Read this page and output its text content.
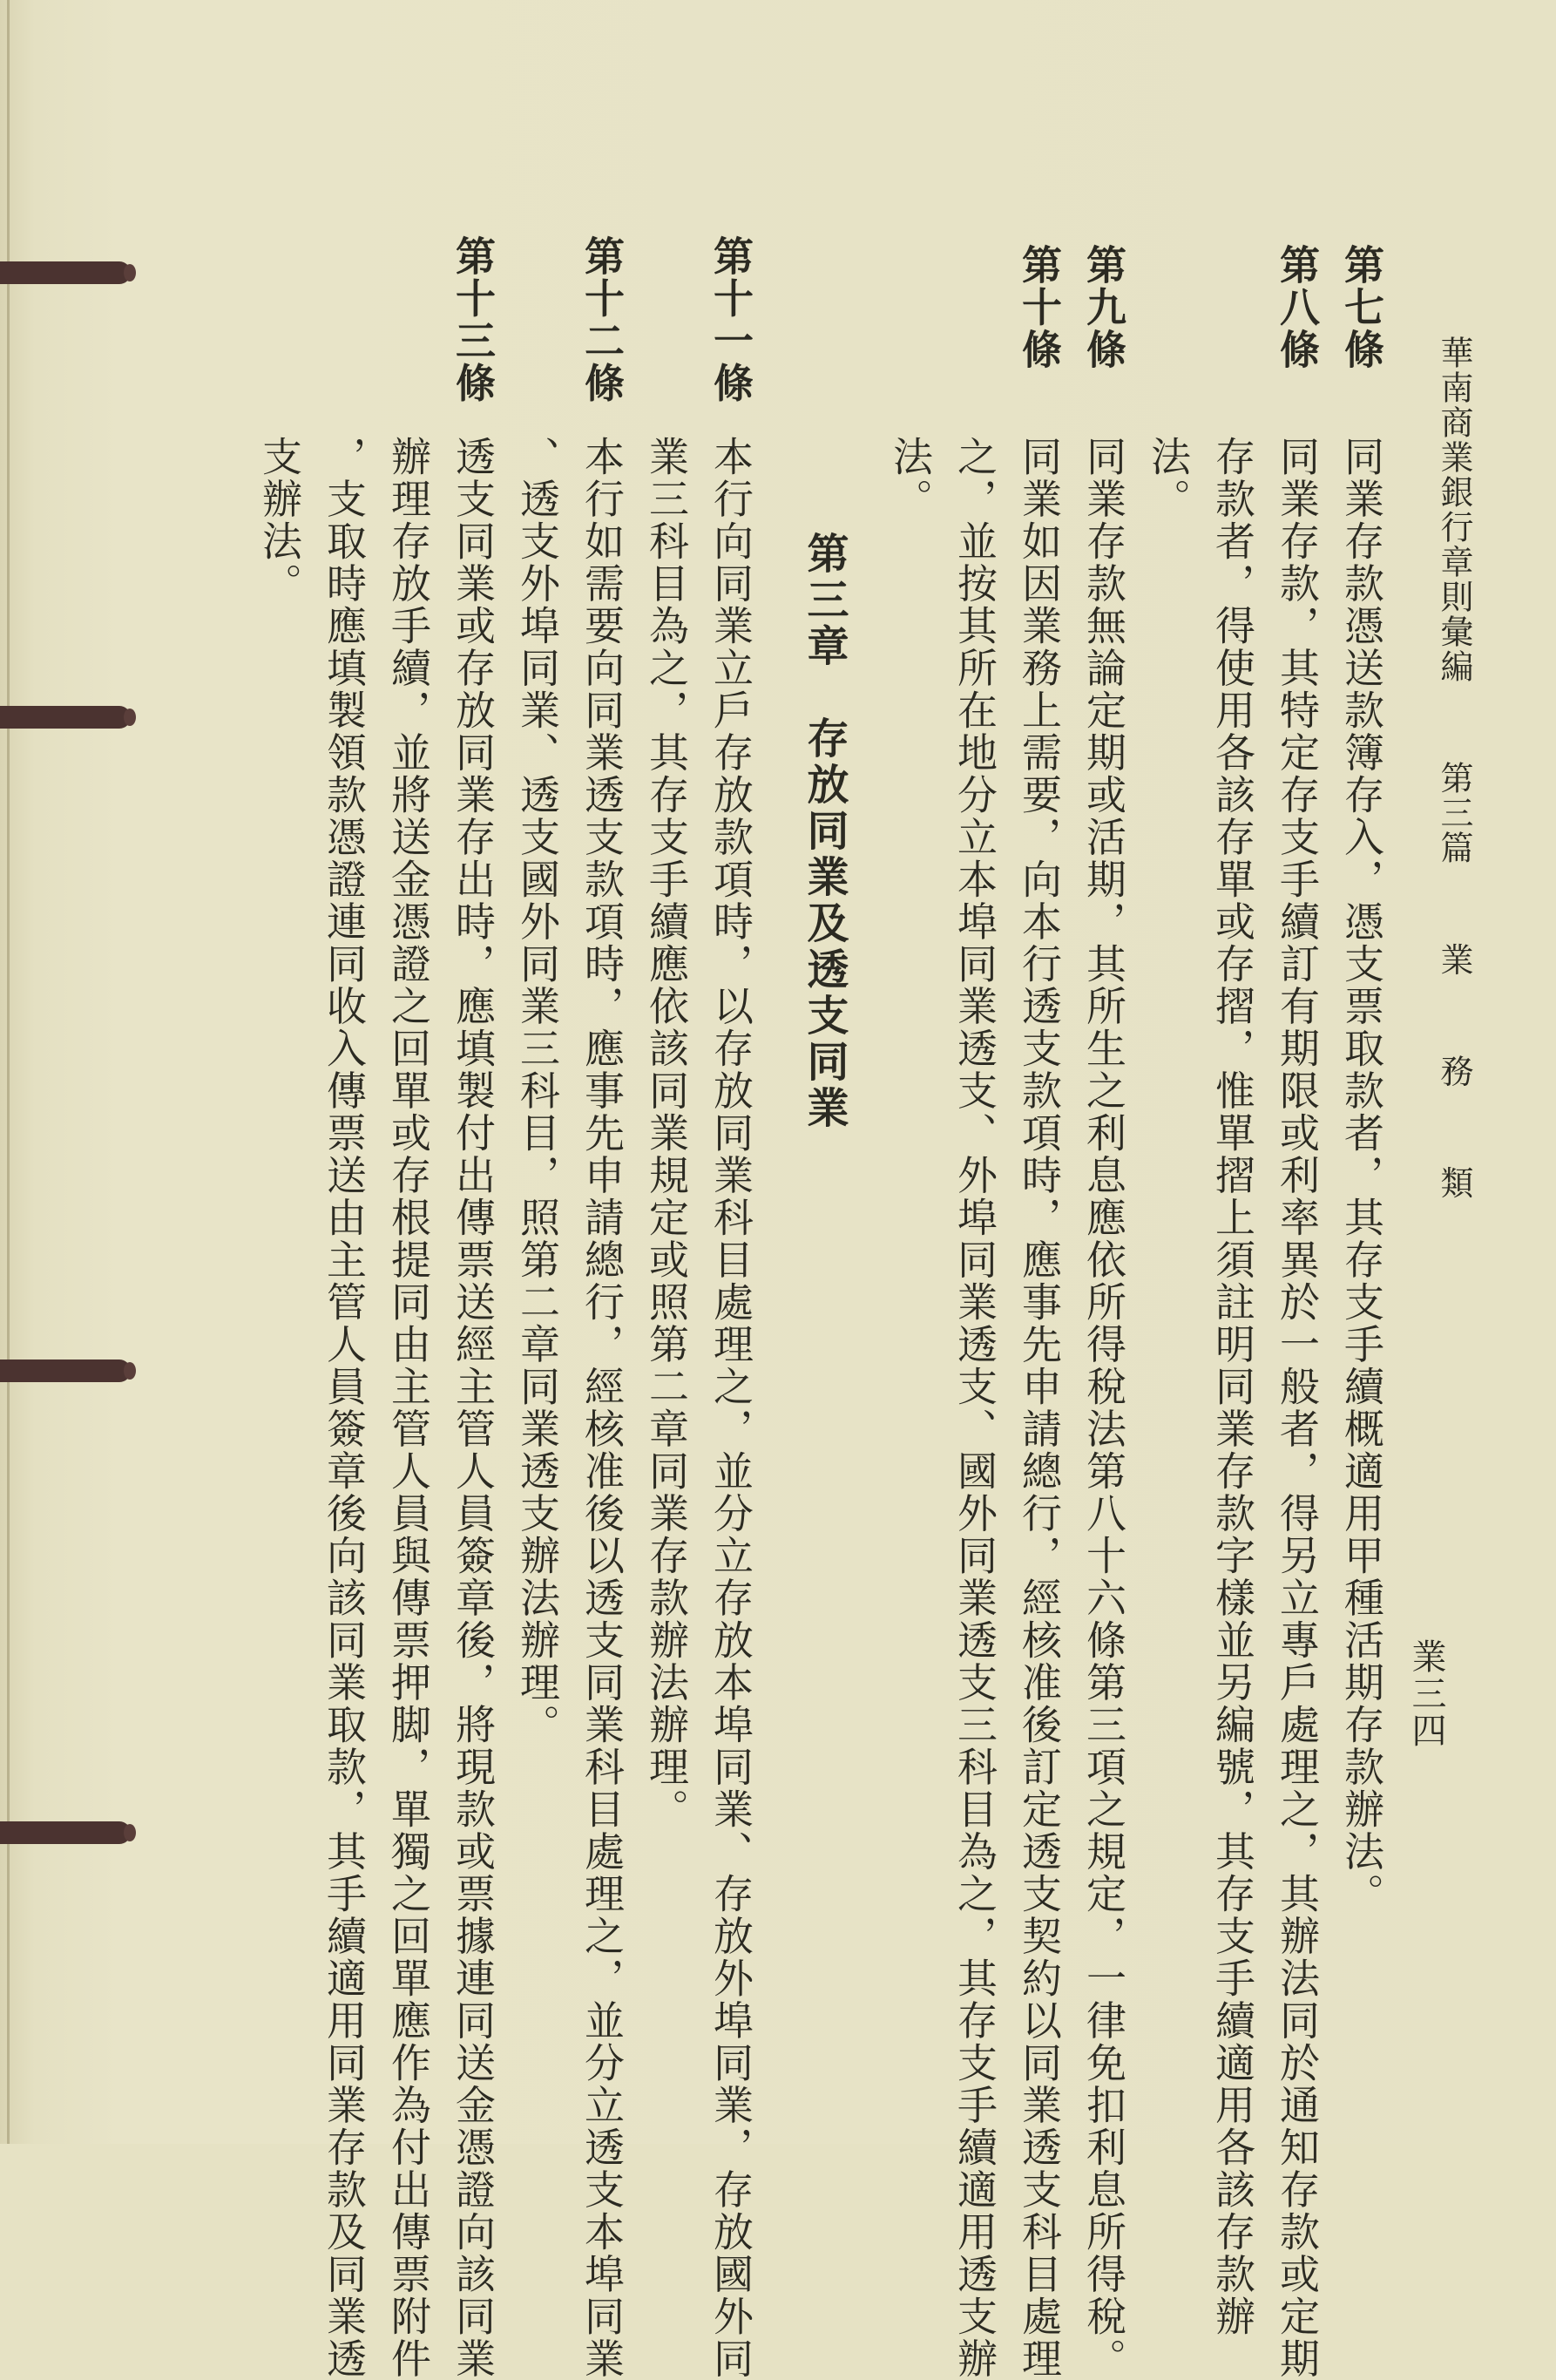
華南商業銀行章則彙編  第三篇  業  務  類
業三四
第七條
同業存款憑送款簿存入，憑支票取款者，其存支手續概適用甲種活期存款辦法。
第八條
同業存款，其特定存支手續訂有期限或利率異於一般者，得另立專戶處理之，其辦法同於通知存款或定期
存款者，得使用各該存單或存摺，惟單摺上須註明同業存款字樣並另編號，其存支手續適用各該存款辦
法。
第九條
同業存款無論定期或活期，其所生之利息應依所得稅法第八十六條第三項之規定，一律免扣利息所得稅。
第十條
同業如因業務上需要，向本行透支款項時，應事先申請總行，經核准後訂定透支契約以同業透支科目處理
之，並按其所在地分立本埠同業透支、外埠同業透支、國外同業透支三科目為之，其存支手續適用透支辦
法。
第三章　存放同業及透支同業
第十一條
本行向同業立戶存放款項時，以存放同業科目處理之，並分立存放本埠同業、存放外埠同業，存放國外同
業三科目為之，其存支手續應依該同業規定或照第二章同業存款辦法辦理。
第十二條
本行如需要向同業透支款項時，應事先申請總行，經核准後以透支同業科目處理之，並分立透支本埠同業
、透支外埠同業、透支國外同業三科目，照第二章同業透支辦法辦理。
第十三條
透支同業或存放同業存出時，應填製付出傳票送經主管人員簽章後，將現款或票據連同送金憑證向該同業
辦理存放手續，並將送金憑證之回單或存根提同由主管人員與傳票押脚，單獨之回單應作為付出傳票附件
，支取時應填製領款憑證連同收入傳票送由主管人員簽章後向該同業取款，其手續適用同業存款及同業透
支辦法。
